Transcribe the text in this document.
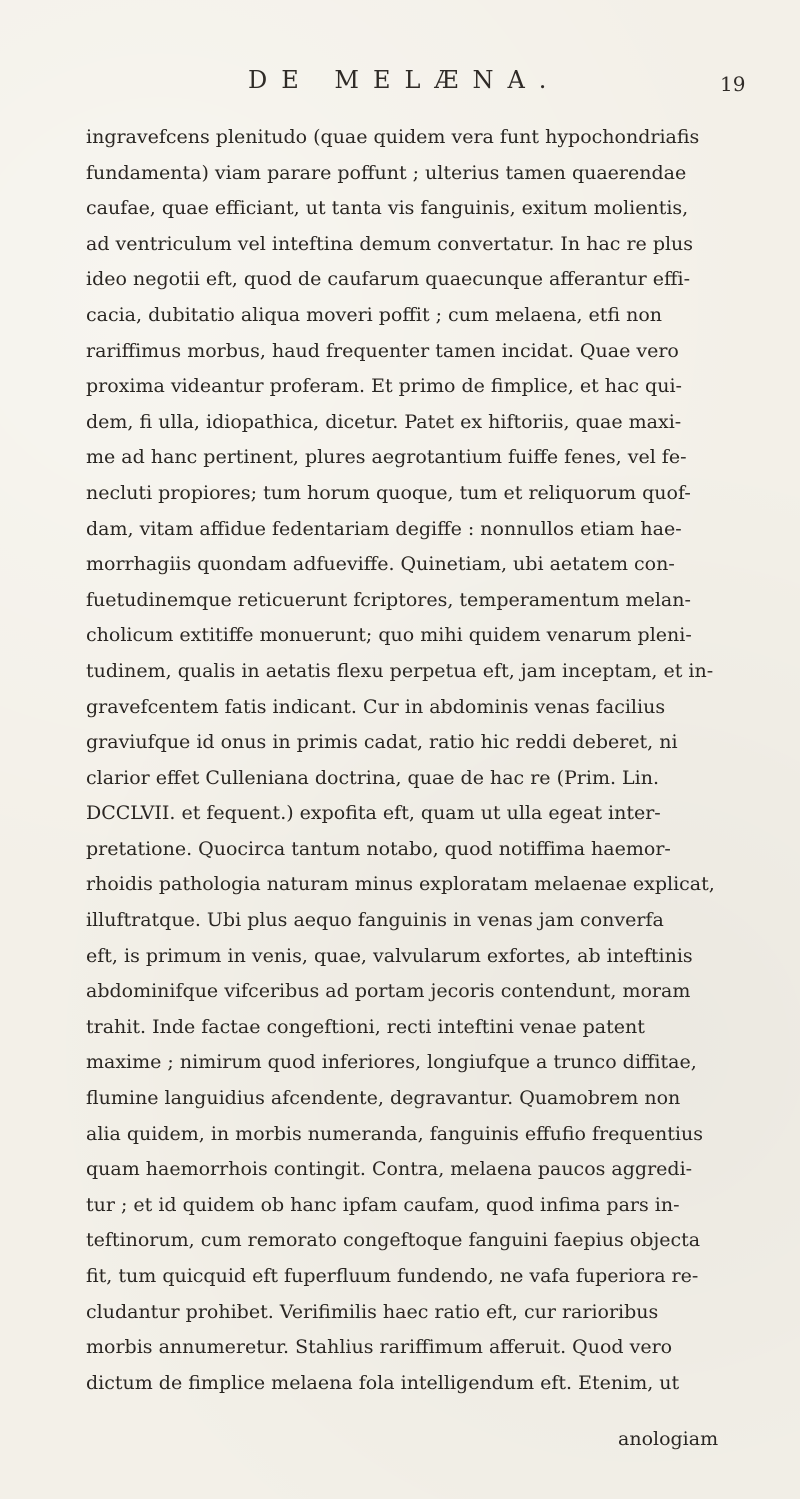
DE MELÆNA.	19
ingravefcens plenitudo (quae quidem vera funt hypochondriafis
fundamenta) viam parare poffunt ; ulterius tamen quaerendae
caufae, quae efficiant, ut tanta vis fanguinis, exitum molientis,
ad ventriculum vel inteftina demum convertatur. In hac re plus
ideo negotii eft, quod de caufarum quaecunque afferantur effi-
cacia, dubitatio aliqua moveri poffit ; cum melaena, etfi non
rariffimus morbus, haud frequenter tamen incidat. Quae vero
proxima videantur proferam. Et primo de fimplice, et hac qui-
dem, fi ulla, idiopathica, dicetur. Patet ex hiftoriis, quae maxi-
me ad hanc pertinent, plures aegrotantium fuiffe fenes, vel fe-
necluti propiores; tum horum quoque, tum et reliquorum quof-
dam, vitam affidue fedentariam degiffe : nonnullos etiam hae-
morrhagiis quondam adfueviffe. Quinetiam, ubi aetatem con-
fuetudinemque reticuerunt fcriptores, temperamentum melan-
cholicum extitiffe monuerunt; quo mihi quidem venarum pleni-
tudinem, qualis in aetatis flexu perpetua eft, jam inceptam, et in-
gravefcentem fatis indicant. Cur in abdominis venas facilius
graviufque id onus in primis cadat, ratio hic reddi deberet, ni
clarior effet Culleniana doctrina, quae de hac re (Prim. Lin.
DCCLVII. et fequent.) expofita eft, quam ut ulla egeat inter-
pretatione. Quocirca tantum notabo, quod notiffima haemor-
rhoidis pathologia naturam minus exploratam melaenae explicat,
illuftratque. Ubi plus aequo fanguinis in venas jam converfa
eft, is primum in venis, quae, valvularum exfortes, ab inteftinis
abdominifque vifceribus ad portam jecoris contendunt, moram
trahit. Inde factae congeftioni, recti inteftini venae patent
maxime ; nimirum quod inferiores, longiufque a trunco diffitae,
flumine languidius afcendente, degravantur. Quamobrem non
alia quidem, in morbis numeranda, fanguinis effufio frequentius
quam haemorrhois contingit. Contra, melaena paucos aggredi-
tur ; et id quidem ob hanc ipfam caufam, quod infima pars in-
teftinorum, cum remorato congeftoque fanguini faepius objecta
fit, tum quicquid eft fuperfluum fundendo, ne vafa fuperiora re-
cludantur prohibet. Verifimilis haec ratio eft, cur rarioribus
morbis annumeretur. Stahlius rariffimum afferuit. Quod vero
dictum de fimplice melaena fola intelligendum eft. Etenim, ut
anologiam
